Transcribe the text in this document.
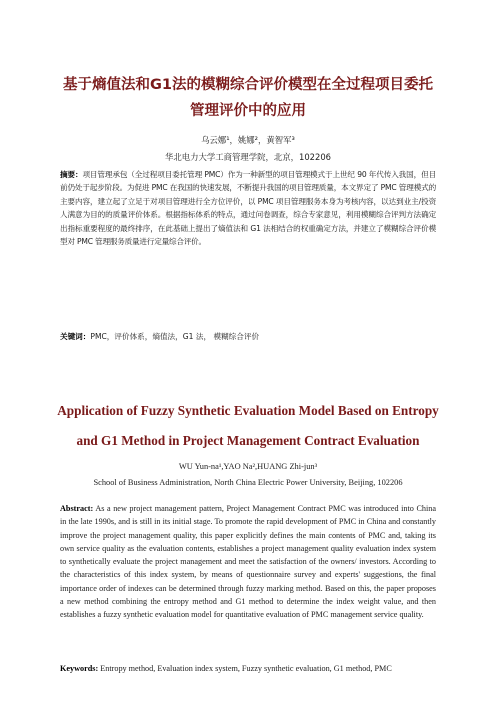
基于熵值法和G1法的模糊综合评价模型在全过程项目委托
管理评价中的应用
乌云娜¹，姚娜²，黄智军³
华北电力大学工商管理学院，北京，102206
摘要：项目管理承包（全过程项目委托管理 PMC）作为一种新型的项目管理模式于上世纪 90 年代传入我国，但目前仍处于起步阶段。为促进 PMC 在我国的快速发展，不断提升我国的项目管理质量，本文界定了 PMC 管理模式的主要内容，建立起了立足于对项目管理进行全方位评价，以 PMC 项目管理服务本身为考核内容，以达到业主/投资人满意为目的的质量评价体系。根据指标体系的特点，通过问卷调查，综合专家意见，利用模糊综合评判方法确定出指标重要程度的最终排序，在此基础上提出了熵值法和 G1 法相结合的权重确定方法，并建立了模糊综合评价模型对 PMC 管理服务质量进行定量综合评价。
关键词：PMC，评价体系，熵值法，G1 法， 模糊综合评价
Application of Fuzzy Synthetic Evaluation Model Based on Entropy
and G1 Method in Project Management Contract Evaluation
WU Yun-na¹,YAO Na²,HUANG Zhi-jun³
School of Business Administration, North China Electric Power University, Beijing, 102206
Abstract: As a new project management pattern, Project Management Contract PMC was introduced into China in the late 1990s, and is still in its initial stage. To promote the rapid development of PMC in China and constantly improve the project management quality, this paper explicitly defines the main contents of PMC and, taking its own service quality as the evaluation contents, establishes a project management quality evaluation index system to synthetically evaluate the project management and meet the satisfaction of the owners/ investors. According to the characteristics of this index system, by means of questionnaire survey and experts' suggestions, the final importance order of indexes can be determined through fuzzy marking method. Based on this, the paper proposes a new method combining the entropy method and G1 method to determine the index weight value, and then establishes a fuzzy synthetic evaluation model for quantitative evaluation of PMC management service quality.
Keywords: Entropy method, Evaluation index system, Fuzzy synthetic evaluation, G1 method, PMC
